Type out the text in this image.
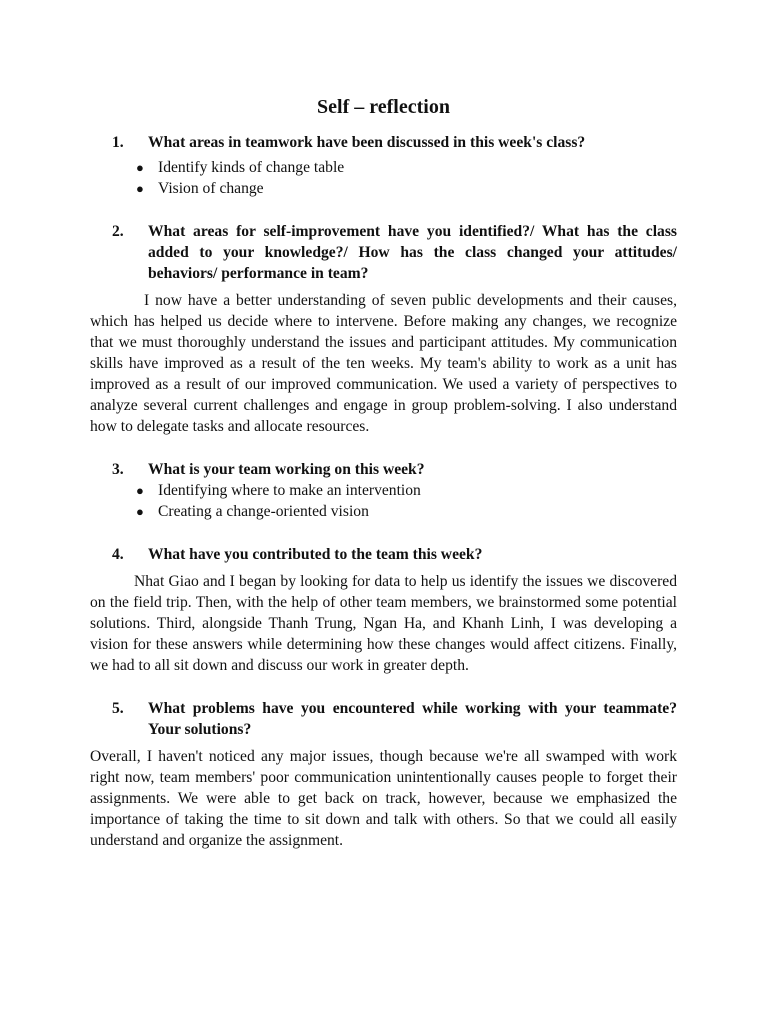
Self – reflection
1. What areas in teamwork have been discussed in this week's class?
● Identify kinds of change table
● Vision of change
2. What areas for self-improvement have you identified?/ What has the class added to your knowledge?/ How has the class changed your attitudes/ behaviors/ performance in team?

I now have a better understanding of seven public developments and their causes, which has helped us decide where to intervene. Before making any changes, we recognize that we must thoroughly understand the issues and participant attitudes. My communication skills have improved as a result of the ten weeks. My team's ability to work as a unit has improved as a result of our improved communication. We used a variety of perspectives to analyze several current challenges and engage in group problem-solving. I also understand how to delegate tasks and allocate resources.

3. What is your team working on this week?
● Identifying where to make an intervention
● Creating a change-oriented vision
4. What have you contributed to the team this week?

Nhat Giao and I began by looking for data to help us identify the issues we discovered on the field trip. Then, with the help of other team members, we brainstormed some potential solutions. Third, alongside Thanh Trung, Ngan Ha, and Khanh Linh, I was developing a vision for these answers while determining how these changes would affect citizens. Finally, we had to all sit down and discuss our work in greater depth.

5. What problems have you encountered while working with your teammate? Your solutions?

Overall, I haven't noticed any major issues, though because we're all swamped with work right now, team members' poor communication unintentionally causes people to forget their assignments. We were able to get back on track, however, because we emphasized the importance of taking the time to sit down and talk with others. So that we could all easily understand and organize the assignment.
